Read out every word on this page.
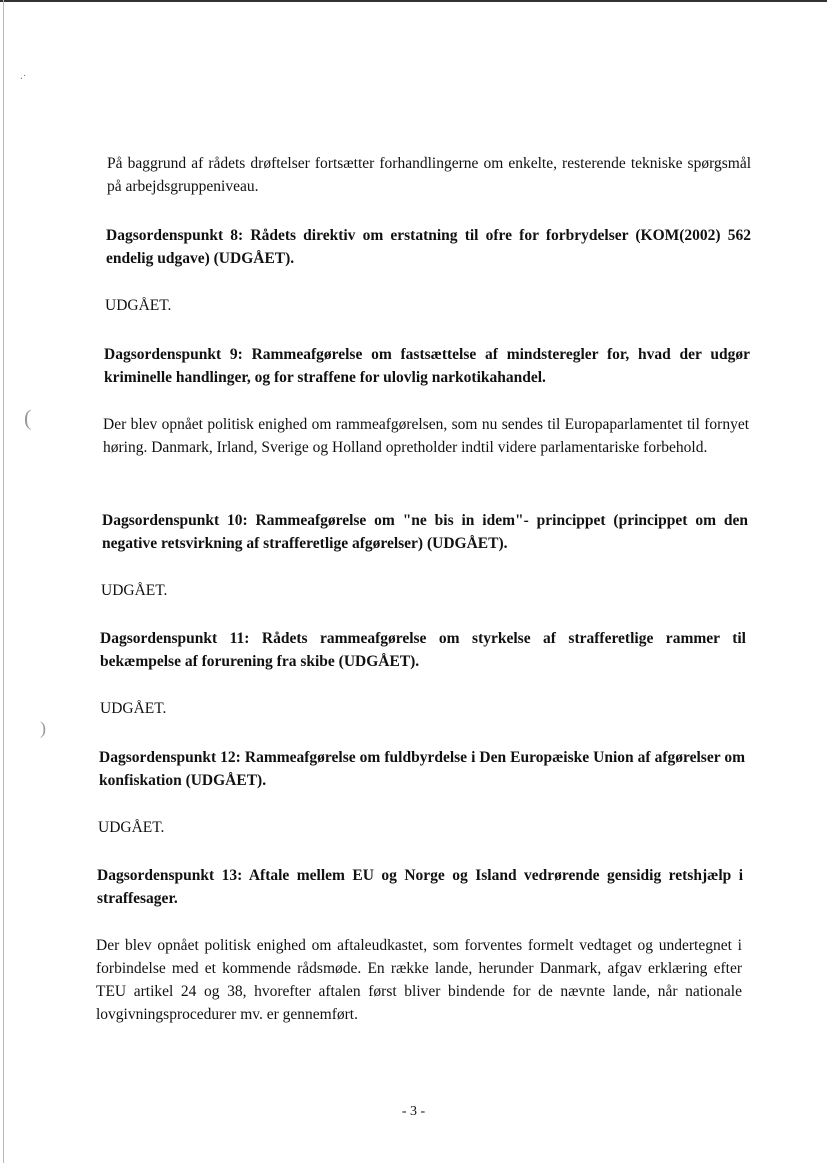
.·
(
)

På baggrund af rådets drøftelser fortsætter forhandlingerne om enkelte, resterende tekniske spørgsmål på arbejdsgruppeniveau.

Dagsordenspunkt 8: Rådets direktiv om erstatning til ofre for forbrydelser (KOM(2002) 562 endelig udgave) (UDGÅET).

UDGÅET.

Dagsordenspunkt 9: Rammeafgørelse om fastsættelse af mindsteregler for, hvad der udgør kriminelle handlinger, og for straffene for ulovlig narkotikahandel.

Der blev opnået politisk enighed om rammeafgørelsen, som nu sendes til Europaparlamentet til fornyet høring. Danmark, Irland, Sverige og Holland opretholder indtil videre parlamentariske forbehold.

Dagsordenspunkt 10: Rammeafgørelse om "ne bis in idem"- princippet (princippet om den negative retsvirkning af strafferetlige afgørelser) (UDGÅET).

UDGÅET.

Dagsordenspunkt 11: Rådets rammeafgørelse om styrkelse af strafferetlige rammer til bekæmpelse af forurening fra skibe (UDGÅET).

UDGÅET.

Dagsordenspunkt 12: Rammeafgørelse om fuldbyrdelse i Den Europæiske Union af afgørelser om konfiskation (UDGÅET).

UDGÅET.

Dagsordenspunkt 13: Aftale mellem EU og Norge og Island vedrørende gensidig retshjælp i straffesager.

Der blev opnået politisk enighed om aftaleudkastet, som forventes formelt vedtaget og undertegnet i forbindelse med et kommende rådsmøde. En række lande, herunder Danmark, afgav erklæring efter TEU artikel 24 og 38, hvorefter aftalen først bliver bindende for de nævnte lande, når nationale lovgivningsprocedurer mv. er gennemført.

- 3 -
